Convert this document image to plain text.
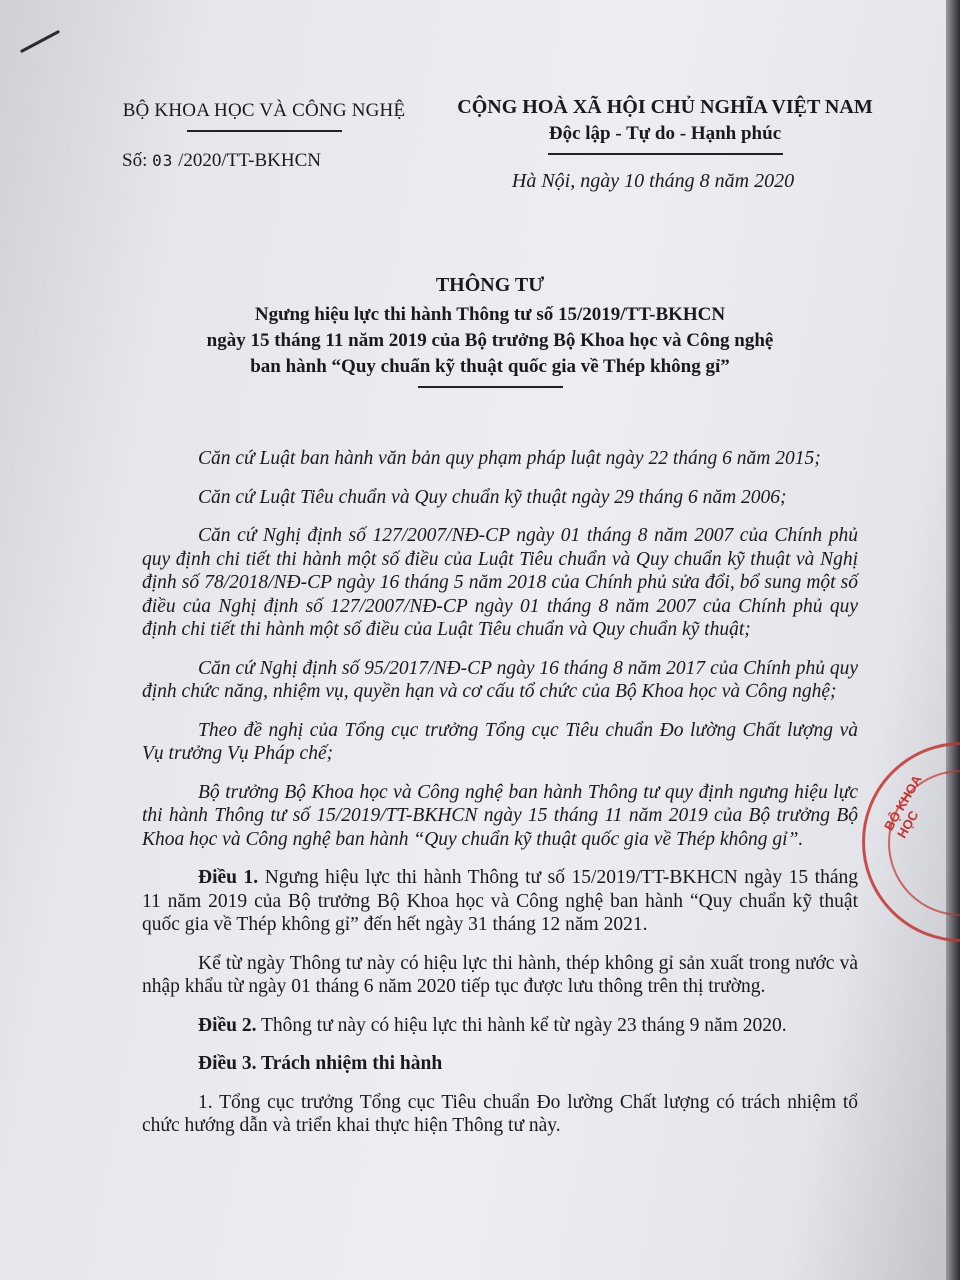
BỘ KHOA HỌC VÀ CÔNG NGHỆ
Số: 03 /2020/TT-BKHCN
CỘNG HOÀ XÃ HỘI CHỦ NGHĨA VIỆT NAM
Độc lập - Tự do - Hạnh phúc
Hà Nội, ngày 10 tháng 8 năm 2020
THÔNG TƯ
Ngưng hiệu lực thi hành Thông tư số 15/2019/TT-BKHCN
ngày 15 tháng 11 năm 2019 của Bộ trưởng Bộ Khoa học và Công nghệ
ban hành “Quy chuẩn kỹ thuật quốc gia về Thép không gỉ”

Căn cứ Luật ban hành văn bản quy phạm pháp luật ngày 22 tháng 6 năm 2015;

Căn cứ Luật Tiêu chuẩn và Quy chuẩn kỹ thuật ngày 29 tháng 6 năm 2006;

Căn cứ Nghị định số 127/2007/NĐ-CP ngày 01 tháng 8 năm 2007 của Chính phủ quy định chi tiết thi hành một số điều của Luật Tiêu chuẩn và Quy chuẩn kỹ thuật và Nghị định số 78/2018/NĐ-CP ngày 16 tháng 5 năm 2018 của Chính phủ sửa đổi, bổ sung một số điều của Nghị định số 127/2007/NĐ-CP ngày 01 tháng 8 năm 2007 của Chính phủ quy định chi tiết thi hành một số điều của Luật Tiêu chuẩn và Quy chuẩn kỹ thuật;

Căn cứ Nghị định số 95/2017/NĐ-CP ngày 16 tháng 8 năm 2017 của Chính phủ quy định chức năng, nhiệm vụ, quyền hạn và cơ cấu tổ chức của Bộ Khoa học và Công nghệ;

Theo đề nghị của Tổng cục trưởng Tổng cục Tiêu chuẩn Đo lường Chất lượng và Vụ trưởng Vụ Pháp chế;

Bộ trưởng Bộ Khoa học và Công nghệ ban hành Thông tư quy định ngưng hiệu lực thi hành Thông tư số 15/2019/TT-BKHCN ngày 15 tháng 11 năm 2019 của Bộ trưởng Bộ Khoa học và Công nghệ ban hành “Quy chuẩn kỹ thuật quốc gia về Thép không gỉ”.

Điều 1. Ngưng hiệu lực thi hành Thông tư số 15/2019/TT-BKHCN ngày 15 tháng 11 năm 2019 của Bộ trưởng Bộ Khoa học và Công nghệ ban hành “Quy chuẩn kỹ thuật quốc gia về Thép không gỉ” đến hết ngày 31 tháng 12 năm 2021.

Kể từ ngày Thông tư này có hiệu lực thi hành, thép không gỉ sản xuất trong nước và nhập khẩu từ ngày 01 tháng 6 năm 2020 tiếp tục được lưu thông trên thị trường.

Điều 2. Thông tư này có hiệu lực thi hành kể từ ngày 23 tháng 9 năm 2020.

Điều 3. Trách nhiệm thi hành

1. Tổng cục trưởng Tổng cục Tiêu chuẩn Đo lường Chất lượng có trách nhiệm tổ chức hướng dẫn và triển khai thực hiện Thông tư này.

BỘ KHOA HỌC
